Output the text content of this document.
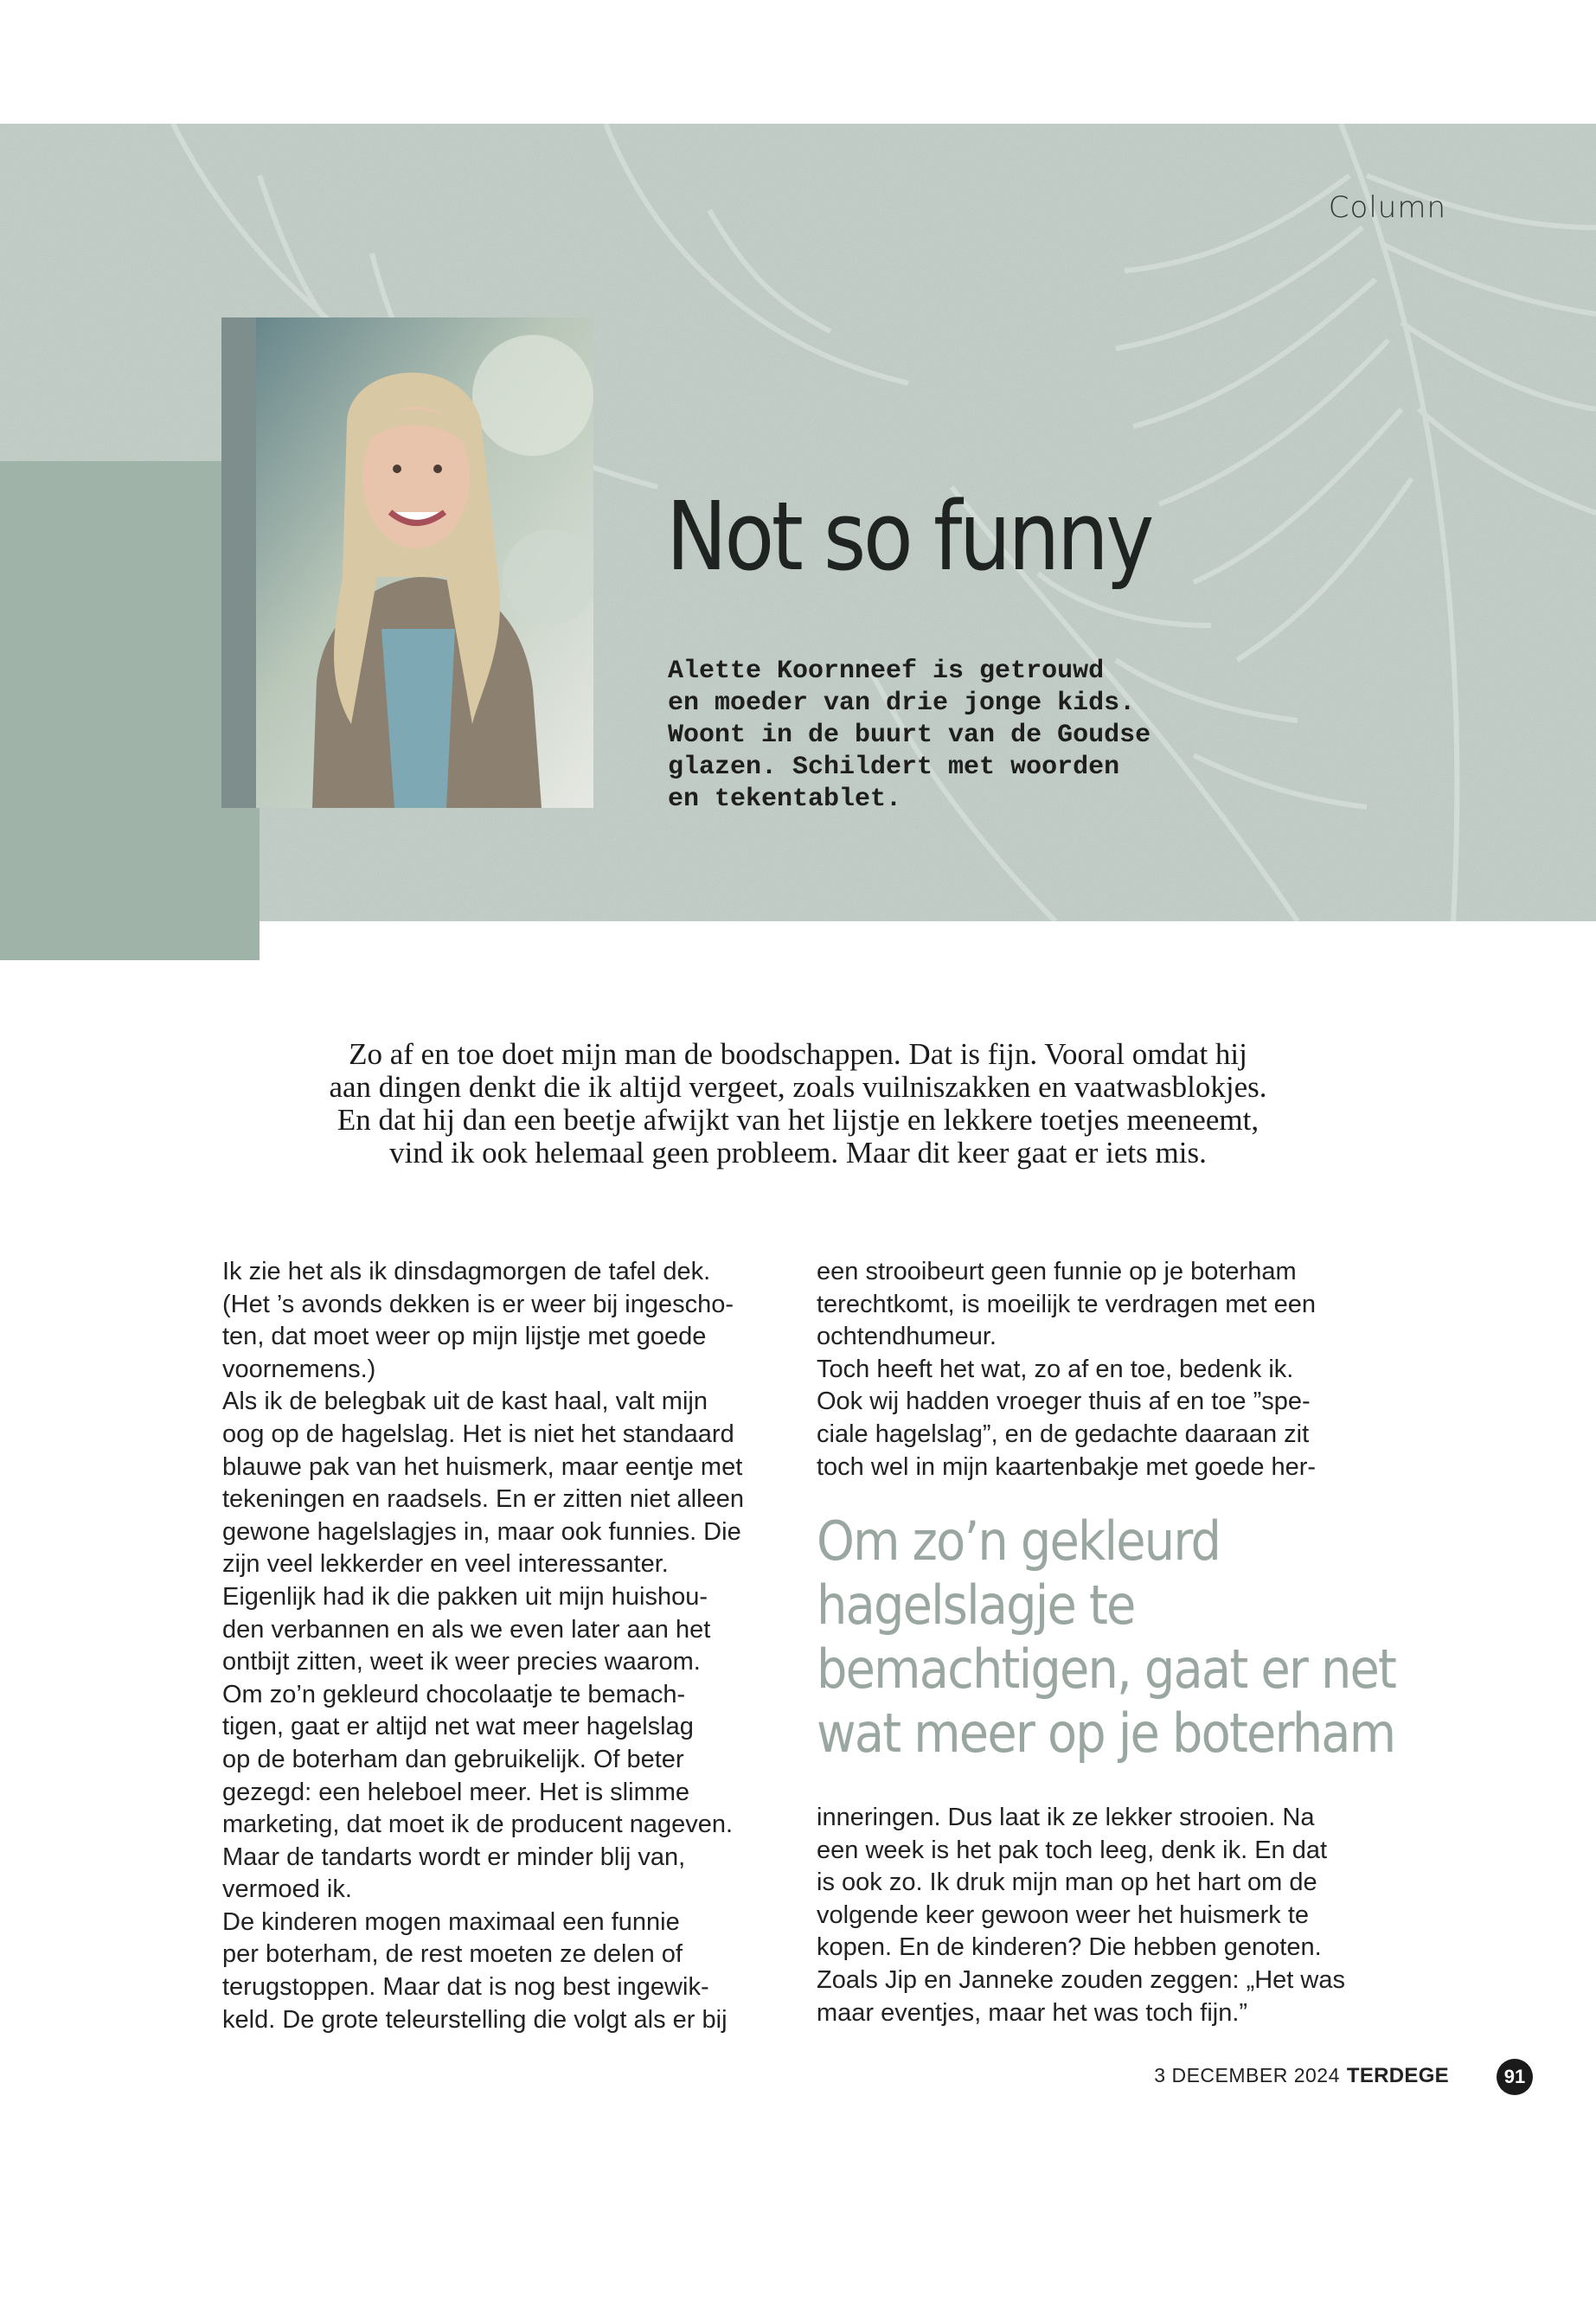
Column
Not so funny
Alette Koornneef is getrouwd
en moeder van drie jonge kids.
Woont in de buurt van de Goudse
glazen. Schildert met woorden
en tekentablet.
Zo af en toe doet mijn man de boodschappen. Dat is fijn. Vooral omdat hij
aan dingen denkt die ik altijd vergeet, zoals vuilniszakken en vaatwasblokjes.
En dat hij dan een beetje afwijkt van het lijstje en lekkere toetjes meeneemt,
vind ik ook helemaal geen probleem. Maar dit keer gaat er iets mis.
Ik zie het als ik dinsdagmorgen de tafel dek.
(Het ’s avonds dekken is er weer bij ingescho-
ten, dat moet weer op mijn lijstje met goede
voornemens.)
Als ik de belegbak uit de kast haal, valt mijn
oog op de hagelslag. Het is niet het standaard
blauwe pak van het huismerk, maar eentje met
tekeningen en raadsels. En er zitten niet alleen
gewone hagelslagjes in, maar ook funnies. Die
zijn veel lekkerder en veel interessanter.
Eigenlijk had ik die pakken uit mijn huishou-
den verbannen en als we even later aan het
ontbijt zitten, weet ik weer precies waarom.
Om zo’n gekleurd chocolaatje te bemach-
tigen, gaat er altijd net wat meer hagelslag
op de boterham dan gebruikelijk. Of beter
gezegd: een heleboel meer. Het is slimme
marketing, dat moet ik de producent nageven.
Maar de tandarts wordt er minder blij van,
vermoed ik.
De kinderen mogen maximaal een funnie
per boterham, de rest moeten ze delen of
terugstoppen. Maar dat is nog best ingewik-
keld. De grote teleurstelling die volgt als er bij
een strooibeurt geen funnie op je boterham
terechtkomt, is moeilijk te verdragen met een
ochtendhumeur.
Toch heeft het wat, zo af en toe, bedenk ik.
Ook wij hadden vroeger thuis af en toe ”spe-
ciale hagelslag”, en de gedachte daaraan zit
toch wel in mijn kaartenbakje met goede her-
Om zo’n gekleurd
hagelslagje te
bemachtigen, gaat er net
wat meer op je boterham
inneringen. Dus laat ik ze lekker strooien. Na
een week is het pak toch leeg, denk ik. En dat
is ook zo. Ik druk mijn man op het hart om de
volgende keer gewoon weer het huismerk te
kopen. En de kinderen? Die hebben genoten.
Zoals Jip en Janneke zouden zeggen: „Het was
maar eventjes, maar het was toch fijn.”
3 DECEMBER 2024 TERDEGE	91
